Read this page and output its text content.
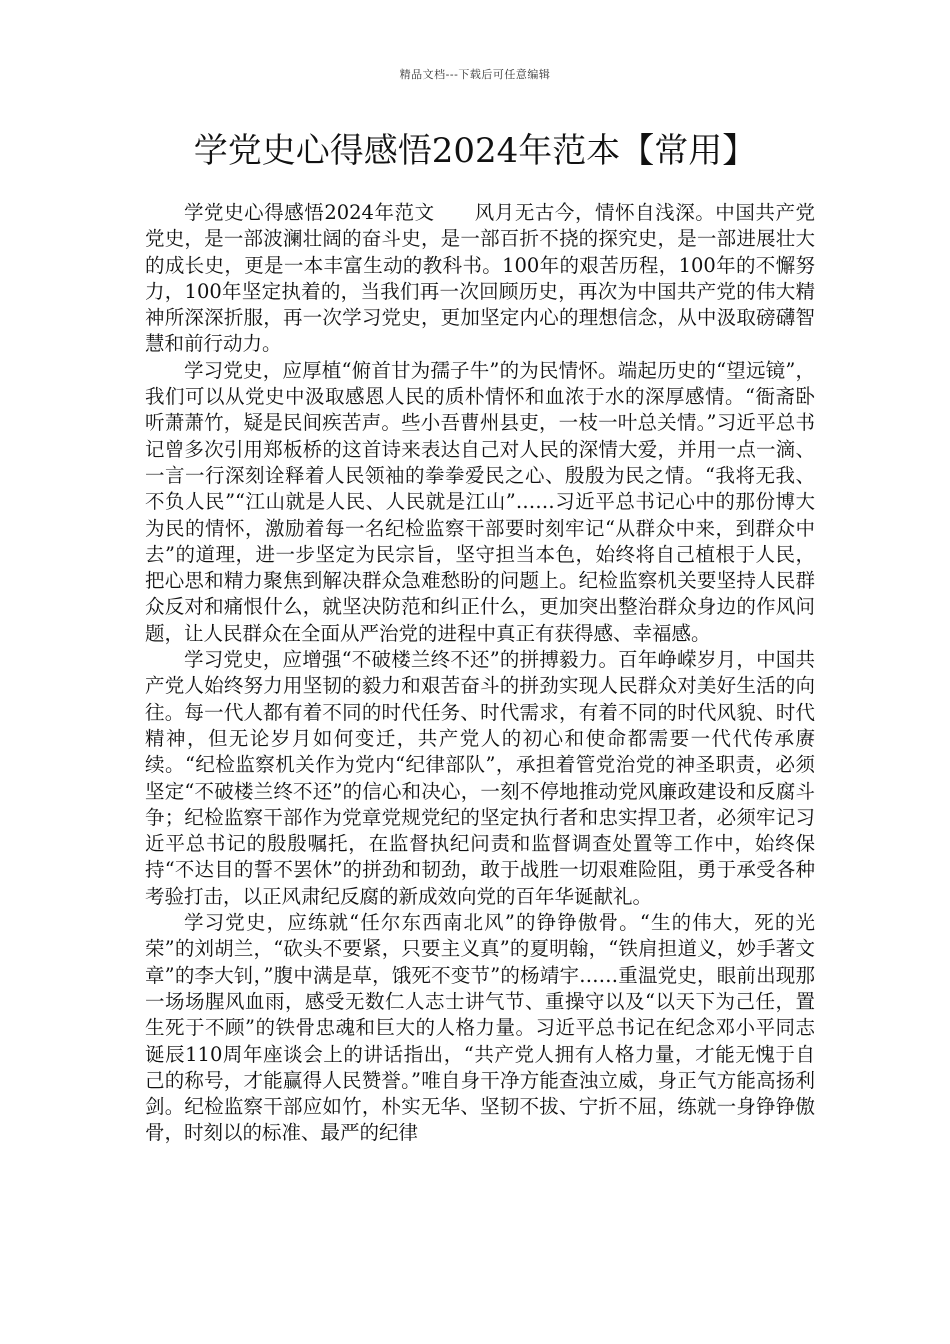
精品文档---下载后可任意编辑
学党史心得感悟2024年范本【常用】

学党史心得感悟2024年范文　　风月无古今，情怀自浅深。中国共产党党史，是一部波澜壮阔的奋斗史，是一部百折不挠的探究史，是一部进展壮大的成长史，更是一本丰富生动的教科书。100年的艰苦历程，100年的不懈努力，100年坚定执着的，当我们再一次回顾历史，再次为中国共产党的伟大精神所深深折服，再一次学习党史，更加坚定内心的理想信念，从中汲取磅礴智慧和前行动力。

学习党史，应厚植“俯首甘为孺子牛”的为民情怀。端起历史的“望远镜”，我们可以从党史中汲取感恩人民的质朴情怀和血浓于水的深厚感情。“衙斋卧听萧萧竹，疑是民间疾苦声。些小吾曹州县吏，一枝一叶总关情。”习近平总书记曾多次引用郑板桥的这首诗来表达自己对人民的深情大爱，并用一点一滴、一言一行深刻诠释着人民领袖的拳拳爱民之心、殷殷为民之情。“我将无我、不负人民”“江山就是人民、人民就是江山”……习近平总书记心中的那份博大为民的情怀，激励着每一名纪检监察干部要时刻牢记“从群众中来，到群众中去”的道理，进一步坚定为民宗旨，坚守担当本色，始终将自己植根于人民，把心思和精力聚焦到解决群众急难愁盼的问题上。纪检监察机关要坚持人民群众反对和痛恨什么，就坚决防范和纠正什么，更加突出整治群众身边的作风问题，让人民群众在全面从严治党的进程中真正有获得感、幸福感。

学习党史，应增强“不破楼兰终不还”的拼搏毅力。百年峥嵘岁月，中国共产党人始终努力用坚韧的毅力和艰苦奋斗的拼劲实现人民群众对美好生活的向往。每一代人都有着不同的时代任务、时代需求，有着不同的时代风貌、时代精神，但无论岁月如何变迁，共产党人的初心和使命都需要一代代传承赓续。“纪检监察机关作为党内“纪律部队”，承担着管党治党的神圣职责，必须坚定“不破楼兰终不还”的信心和决心，一刻不停地推动党风廉政建设和反腐斗争；纪检监察干部作为党章党规党纪的坚定执行者和忠实捍卫者，必须牢记习近平总书记的殷殷嘱托，在监督执纪问责和监督调查处置等工作中，始终保持“不达目的誓不罢休”的拼劲和韧劲，敢于战胜一切艰难险阻，勇于承受各种考验打击，以正风肃纪反腐的新成效向党的百年华诞献礼。

学习党史，应练就“任尔东西南北风”的铮铮傲骨。“生的伟大，死的光荣”的刘胡兰，“砍头不要紧，只要主义真”的夏明翰，“铁肩担道义，妙手著文章”的李大钊，”腹中满是草，饿死不变节”的杨靖宇……重温党史，眼前出现那一场场腥风血雨，感受无数仁人志士讲气节、重操守以及“以天下为己任，置生死于不顾”的铁骨忠魂和巨大的人格力量。习近平总书记在纪念邓小平同志诞辰110周年座谈会上的讲话指出，“共产党人拥有人格力量，才能无愧于自己的称号，才能赢得人民赞誉。”唯自身干净方能查浊立威，身正气方能高扬利剑。纪检监察干部应如竹，朴实无华、坚韧不拔、宁折不屈，练就一身铮铮傲骨，时刻以的标准、最严的纪律
